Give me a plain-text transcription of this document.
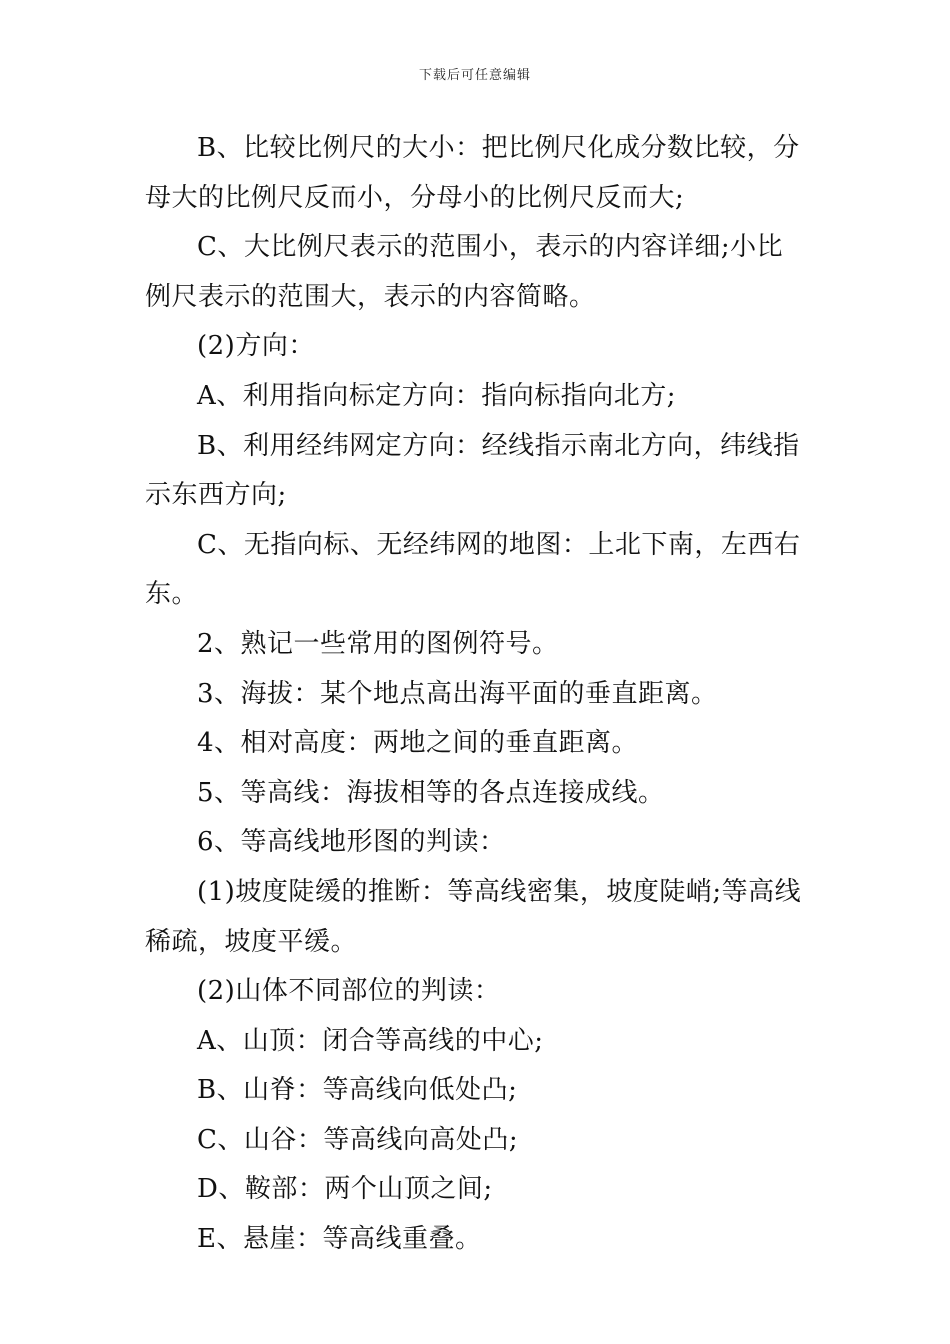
下载后可任意编辑

B、比较比例尺的大小：把比例尺化成分数比较，分母大的比例尺反而小，分母小的比例尺反而大;

C、大比例尺表示的范围小，表示的内容详细;小比例尺表示的范围大，表示的内容简略。

(2)方向：

A、利用指向标定方向：指向标指向北方;

B、利用经纬网定方向：经线指示南北方向，纬线指示东西方向;

C、无指向标、无经纬网的地图：上北下南，左西右东。

2、熟记一些常用的图例符号。

3、海拔：某个地点高出海平面的垂直距离。

4、相对高度：两地之间的垂直距离。

5、等高线：海拔相等的各点连接成线。

6、等高线地形图的判读：

(1)坡度陡缓的推断：等高线密集，坡度陡峭;等高线稀疏，坡度平缓。

(2)山体不同部位的判读：

A、山顶：闭合等高线的中心;

B、山脊：等高线向低处凸;

C、山谷：等高线向高处凸;

D、鞍部：两个山顶之间;

E、悬崖：等高线重叠。
